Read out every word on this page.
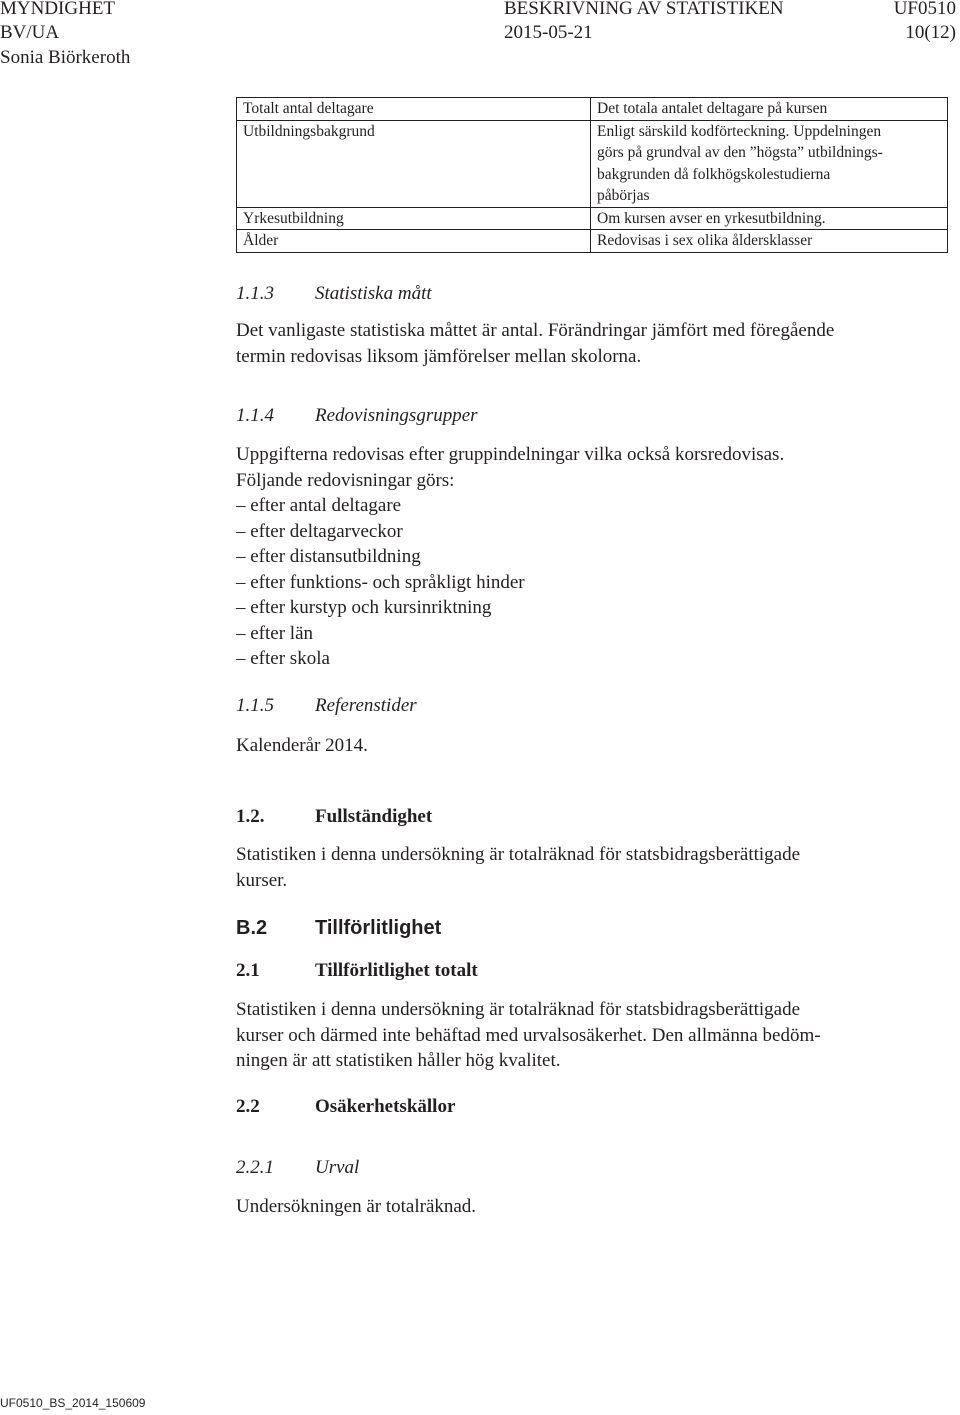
MYNDIGHET
BV/UA
Sonia Biörkeroth
BESKRIVNING AV STATISTIKEN
2015-05-21
UF0510
10(12)
Totalt antal deltagare	Det totala antalet deltagare på kursen

Utbildningsbakgrund	Enligt särskild kodförteckning. Uppdelningen
görs på grundval av den ”högsta” utbildnings-
bakgrunden då folkhögskolestudierna
påbörjas

Yrkesutbildning	Om kursen avser en yrkesutbildning.

Ålder	Redovisas i sex olika åldersklasser
1.1.3 Statistiska mått
Det vanligaste statistiska måttet är antal. Förändringar jämfört med föregående
termin redovisas liksom jämförelser mellan skolorna.
1.1.4 Redovisningsgrupper
Uppgifterna redovisas efter gruppindelningar vilka också korsredovisas.
Följande redovisningar görs:
– efter antal deltagare
– efter deltagarveckor
– efter distansutbildning
– efter funktions- och språkligt hinder
– efter kurstyp och kursinriktning
– efter län
– efter skola
1.1.5 Referenstider
Kalenderår 2014.
1.2.	Fullständighet
Statistiken i denna undersökning är totalräknad för statsbidragsberättigade
kurser.
B.2 Tillförlitlighet
2.1	Tillförlitlighet totalt
Statistiken i denna undersökning är totalräknad för statsbidragsberättigade
kurser och därmed inte behäftad med urvalsosäkerhet. Den allmänna bedöm-
ningen är att statistiken håller hög kvalitet.
2.2	Osäkerhetskällor
2.2.1 Urval
Undersökningen är totalräknad.
UF0510_BS_2014_150609
